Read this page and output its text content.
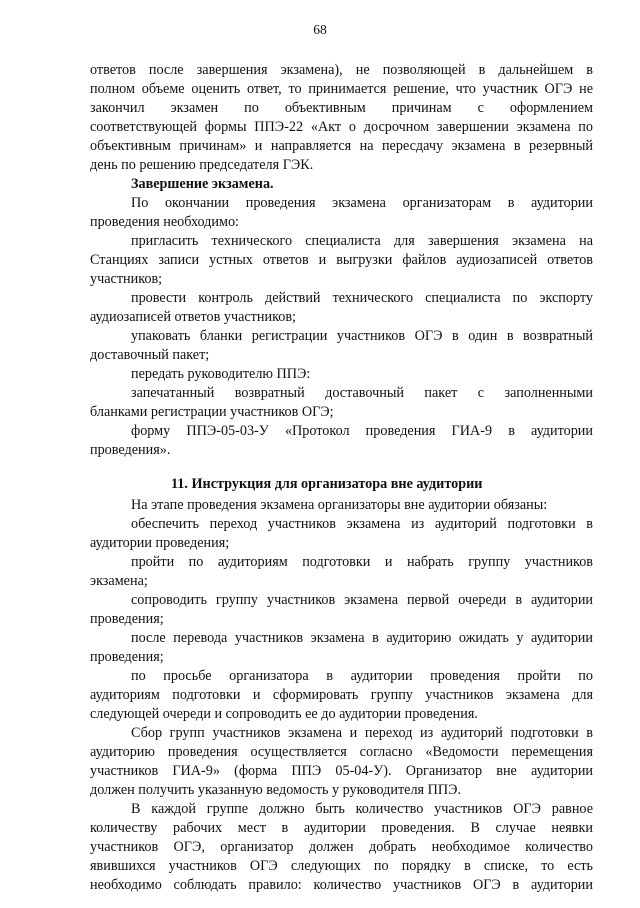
68
ответов после завершения экзамена), не позволяющей в дальнейшем в
полном объеме оценить ответ, то принимается решение, что участник ОГЭ не
закончил экзамен по объективным причинам с оформлением
соответствующей формы ППЭ-22 «Акт о досрочном завершении экзамена по
объективным причинам» и направляется на пересдачу экзамена в резервный
день по решению председателя ГЭК.
Завершение экзамена.
По окончании проведения экзамена организаторам в аудитории
проведения необходимо:
пригласить технического специалиста для завершения экзамена на
Станциях записи устных ответов и выгрузки файлов аудиозаписей ответов
участников;
провести контроль действий технического специалиста по экспорту
аудиозаписей ответов участников;
упаковать бланки регистрации участников ОГЭ в один в возвратный
доставочный пакет;
передать руководителю ППЭ:
запечатанный возвратный доставочный пакет с заполненными
бланками регистрации участников ОГЭ;
форму ППЭ-05-03-У «Протокол проведения ГИА-9 в аудитории
проведения».
11. Инструкция для организатора вне аудитории
На этапе проведения экзамена организаторы вне аудитории обязаны:
обеспечить переход участников экзамена из аудиторий подготовки в
аудитории проведения;
пройти по аудиториям подготовки и набрать группу участников
экзамена;
сопроводить группу участников экзамена первой очереди в аудитории
проведения;
после перевода участников экзамена в аудиторию ожидать у аудитории
проведения;
по просьбе организатора в аудитории проведения пройти по
аудиториям подготовки и сформировать группу участников экзамена для
следующей очереди и сопроводить ее до аудитории проведения.
Сбор групп участников экзамена и переход из аудиторий подготовки в
аудиторию проведения осуществляется согласно «Ведомости перемещения
участников ГИА-9» (форма ППЭ 05-04-У). Организатор вне аудитории
должен получить указанную ведомость у руководителя ППЭ.
В каждой группе должно быть количество участников ОГЭ равное
количеству рабочих мест в аудитории проведения. В случае неявки
участников ОГЭ, организатор должен добрать необходимое количество
явившихся участников ОГЭ следующих по порядку в списке, то есть
необходимо соблюдать правило: количество участников ОГЭ в аудитории
